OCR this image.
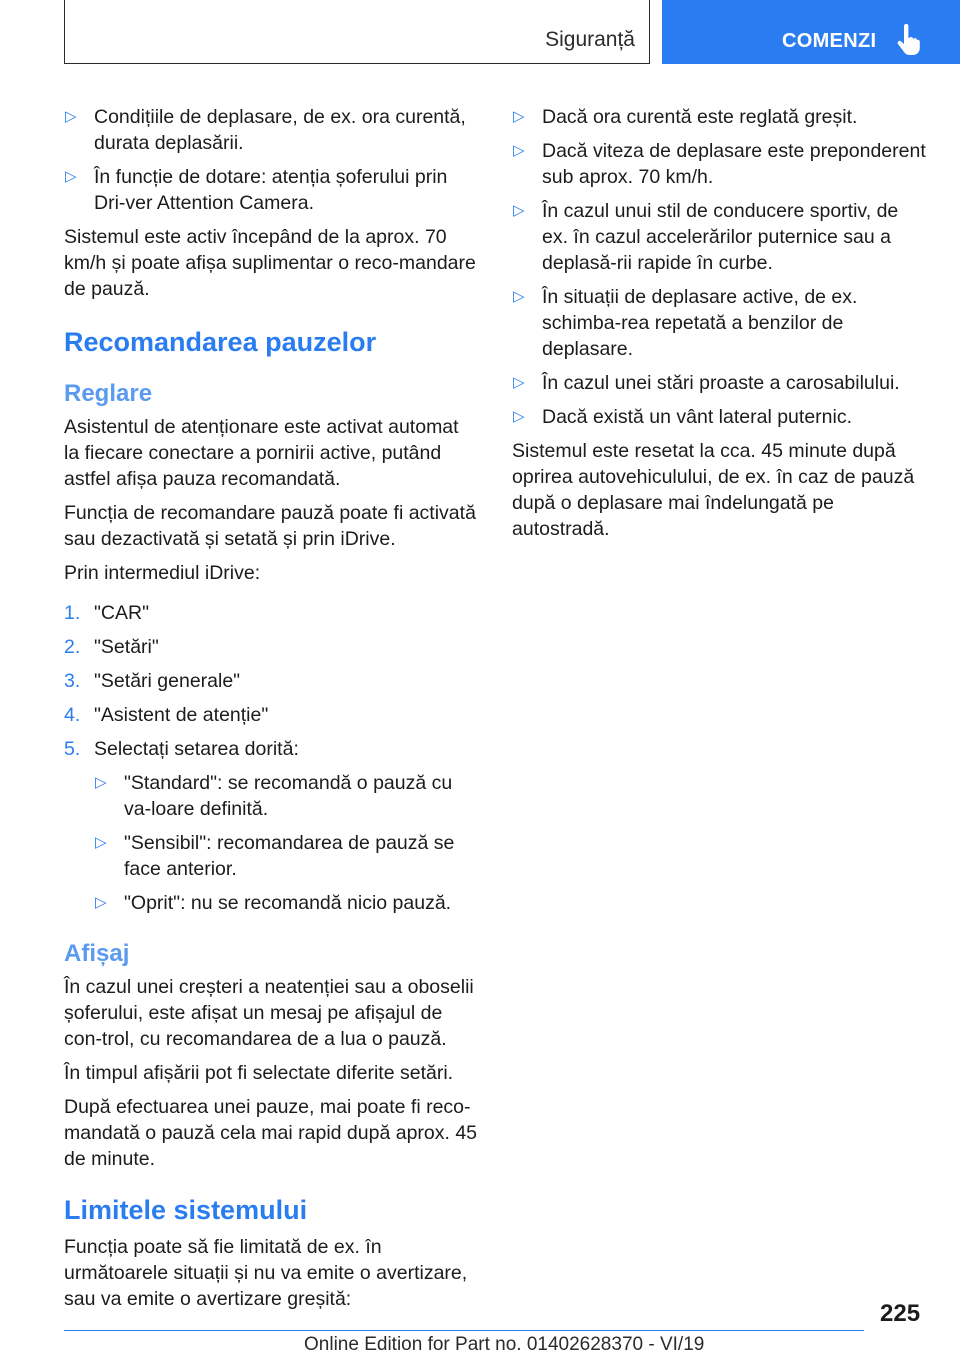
Siguranță	COMENZI
▷ Condițiile de deplasare, de ex. ora curentă, durata deplasării.
▷ În funcție de dotare: atenția șoferului prin Dri-ver Attention Camera.

Sistemul este activ începând de la aprox. 70 km/h și poate afișa suplimentar o reco-mandare de pauză.

Recomandarea pauzelor
Reglare

Asistentul de atenționare este activat automat la fiecare conectare a pornirii active, putând astfel afișa pauza recomandată.

Funcția de recomandare pauză poate fi activată sau dezactivată și setată și prin iDrive.

Prin intermediul iDrive:

1. "CAR"
2. "Setări"
3. "Setări generale"
4. "Asistent de atenție"
5. Selectați setarea dorită:
▷ "Standard": se recomandă o pauză cu va-loare definită.
▷ "Sensibil": recomandarea de pauză se face anterior.
▷ "Oprit": nu se recomandă nicio pauză.
Afișaj

În cazul unei creșteri a neatenției sau a oboselii șoferului, este afișat un mesaj pe afișajul de con-trol, cu recomandarea de a lua o pauză.

În timpul afișării pot fi selectate diferite setări.

După efectuarea unei pauze, mai poate fi reco-mandată o pauză cela mai rapid după aprox. 45 de minute.

Limitele sistemului

Funcția poate să fie limitată de ex. în următoarele situații și nu va emite o avertizare, sau va emite o avertizare greșită:

▷ Dacă ora curentă este reglată greșit.
▷ Dacă viteza de deplasare este preponderent sub aprox. 70 km/h.
▷ În cazul unui stil de conducere sportiv, de ex. în cazul accelerărilor puternice sau a deplasă-rii rapide în curbe.
▷ În situații de deplasare active, de ex. schimba-rea repetată a benzilor de deplasare.
▷ În cazul unei stări proaste a carosabilului.
▷ Dacă există un vânt lateral puternic.

Sistemul este resetat la cca. 45 minute după oprirea autovehiculului, de ex. în caz de pauză după o deplasare mai îndelungată pe autostradă.

225
Online Edition for Part no. 01402628370 - VI/19
